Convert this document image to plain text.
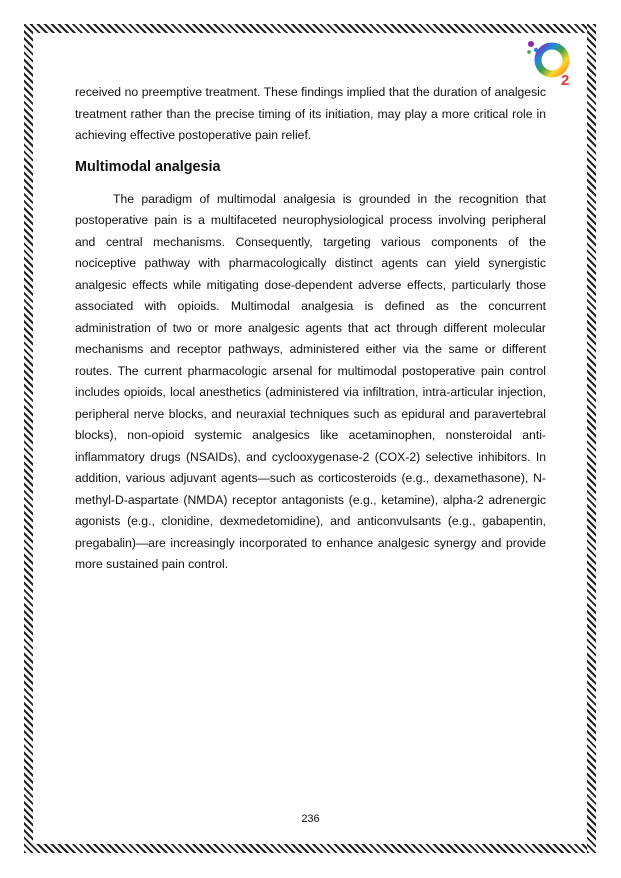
2

received no preemptive treatment. These findings implied that the duration of analgesic treatment rather than the precise timing of its initiation, may play a more critical role in achieving effective postoperative pain relief.

Multimodal analgesia

The paradigm of multimodal analgesia is grounded in the recognition that postoperative pain is a multifaceted neurophysiological process involving peripheral and central mechanisms. Consequently, targeting various components of the nociceptive pathway with pharmacologically distinct agents can yield synergistic analgesic effects while mitigating dose-dependent adverse effects, particularly those associated with opioids. Multimodal analgesia is defined as the concurrent administration of two or more analgesic agents that act through different molecular mechanisms and receptor pathways, administered either via the same or different routes. The current pharmacologic arsenal for multimodal postoperative pain control includes opioids, local anesthetics (administered via infiltration, intra-articular injection, peripheral nerve blocks, and neuraxial techniques such as epidural and paravertebral blocks), non-opioid systemic analgesics like acetaminophen, nonsteroidal anti-inflammatory drugs (NSAIDs), and cyclooxygenase-2 (COX-2) selective inhibitors. In addition, various adjuvant agents—such as corticosteroids (e.g., dexamethasone), N-methyl-D-aspartate (NMDA) receptor antagonists (e.g., ketamine), alpha-2 adrenergic agonists (e.g., clonidine, dexmedetomidine), and anticonvulsants (e.g., gabapentin, pregabalin)—are increasingly incorporated to enhance analgesic synergy and provide more sustained pain control.

236
